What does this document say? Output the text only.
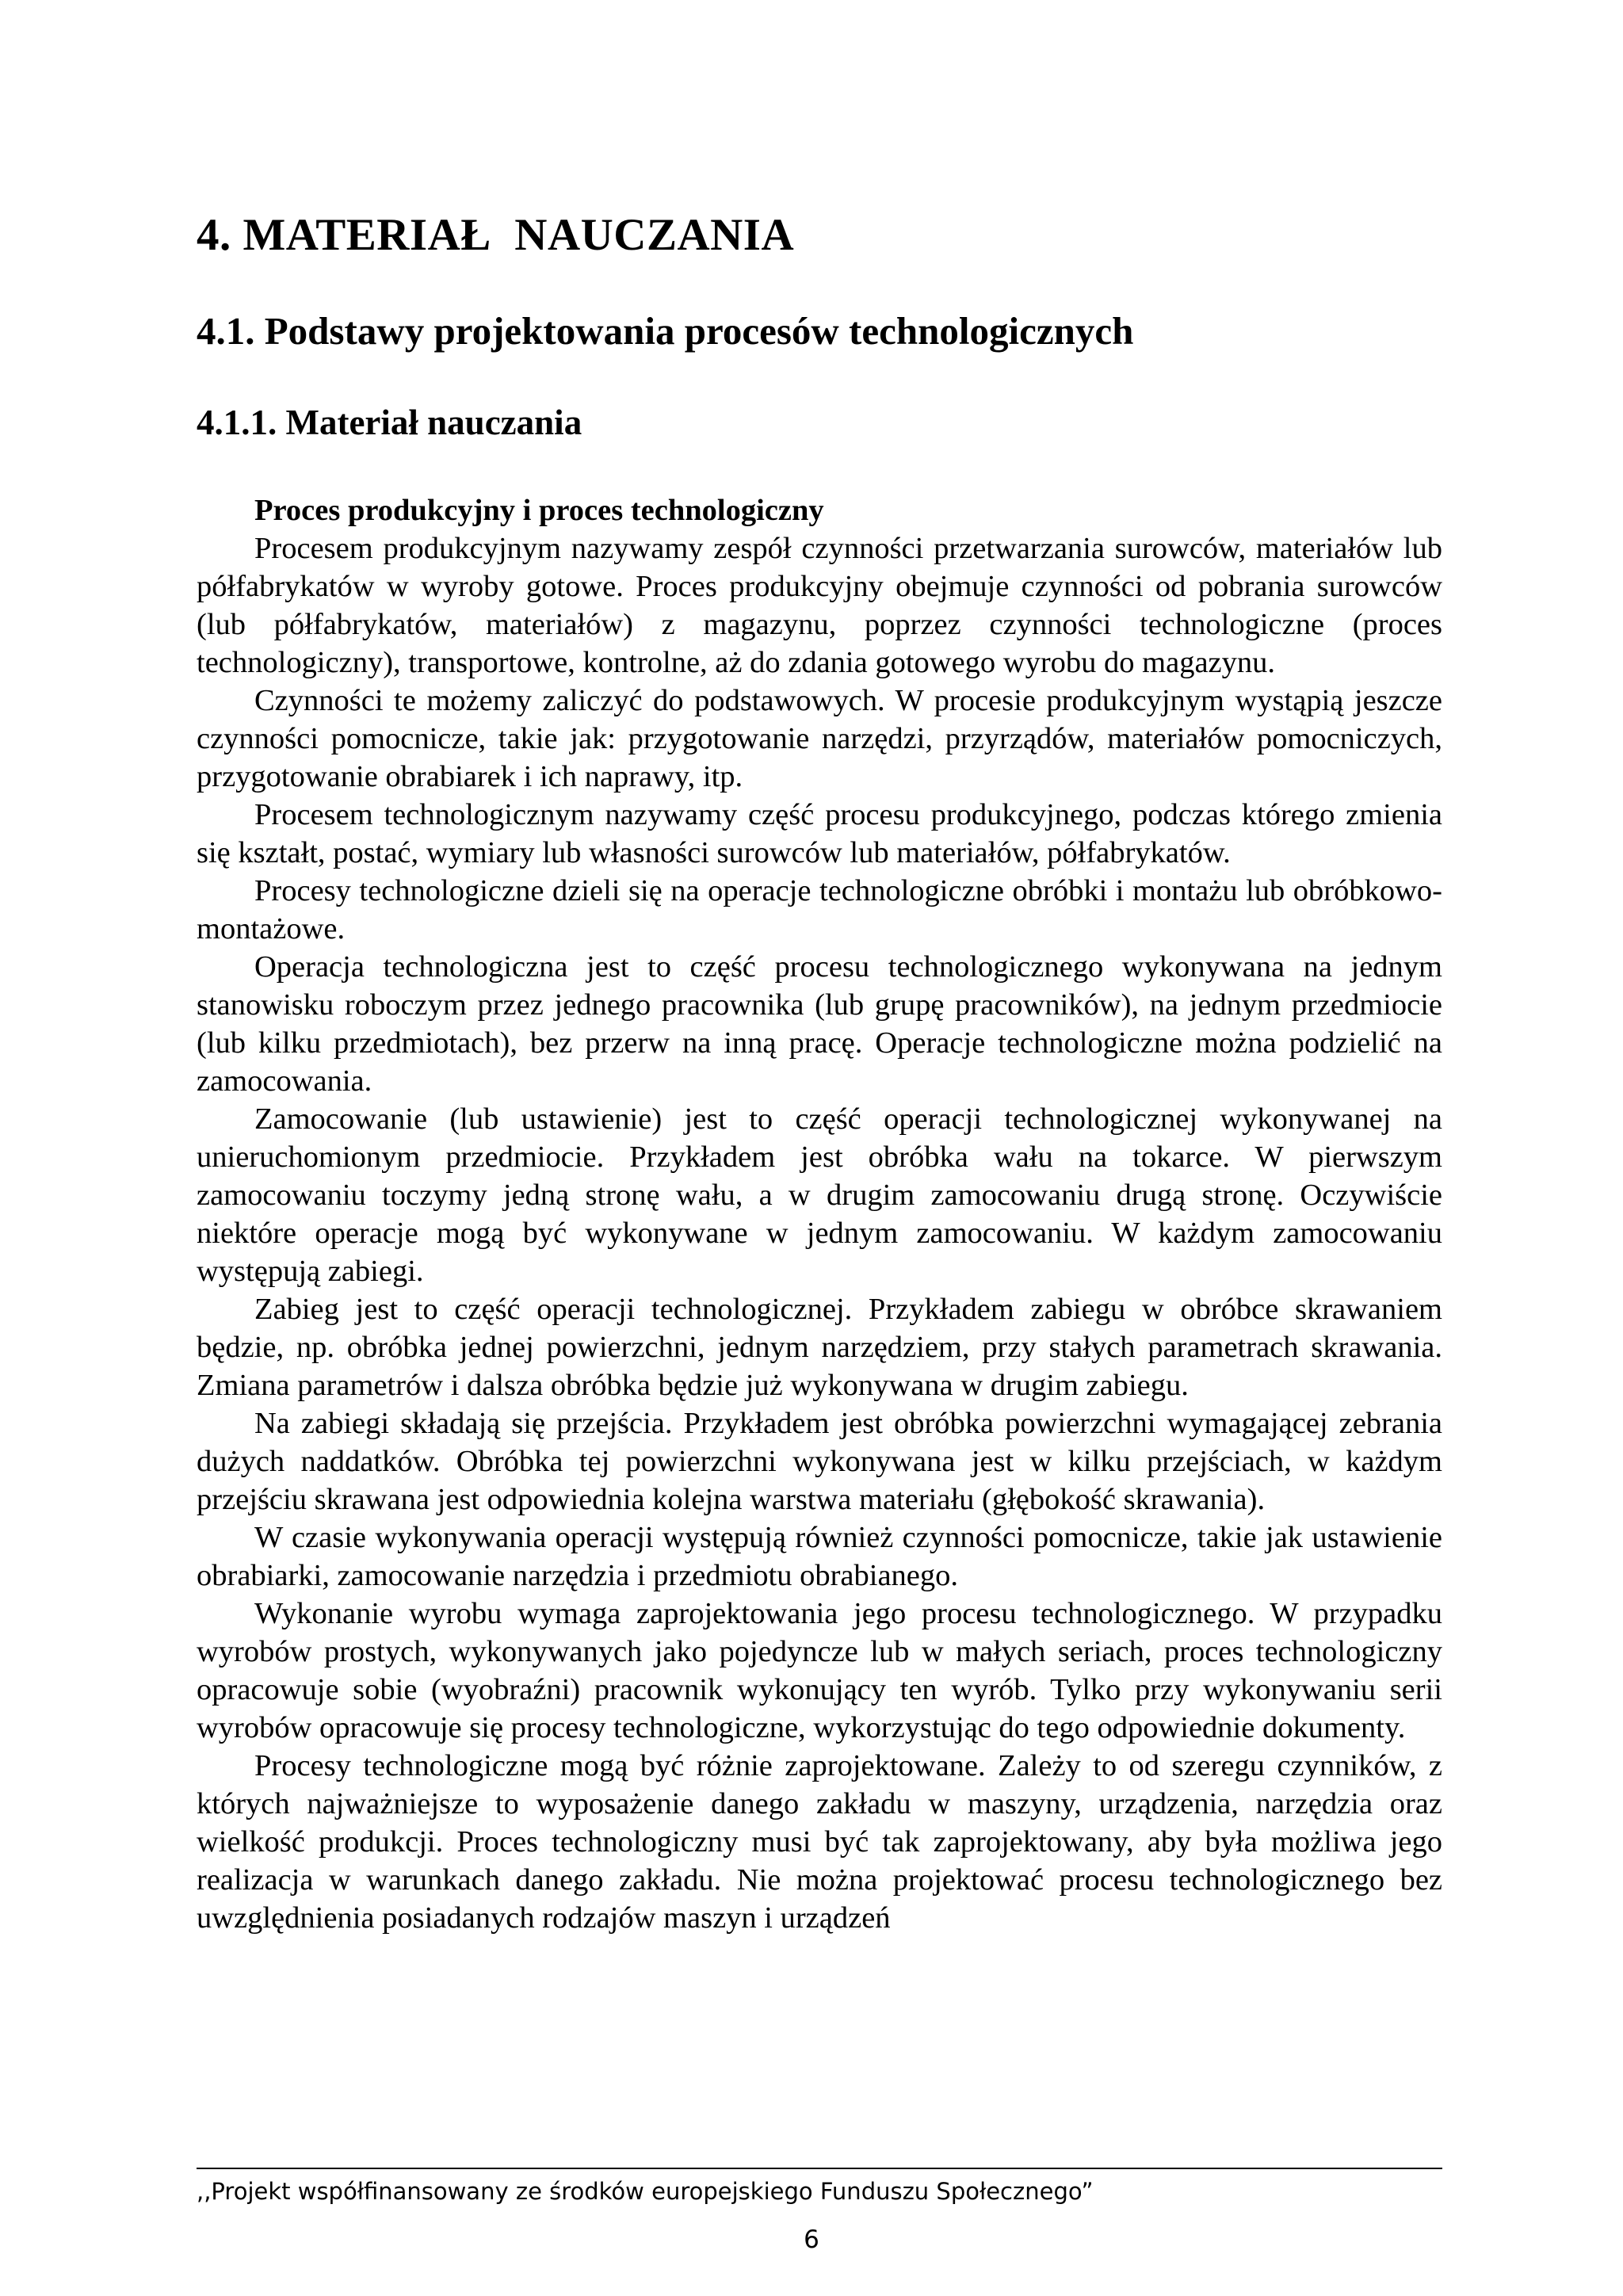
4. MATERIAŁ  NAUCZANIA
4.1. Podstawy projektowania procesów technologicznych
4.1.1. Materiał nauczania

Proces produkcyjny i proces technologiczny

Procesem produkcyjnym nazywamy zespół czynności przetwarzania surowców, materiałów lub półfabrykatów w wyroby gotowe. Proces produkcyjny obejmuje czynności od pobrania surowców (lub półfabrykatów, materiałów) z magazynu, poprzez czynności technologiczne (proces technologiczny), transportowe, kontrolne, aż do zdania gotowego wyrobu do magazynu.

Czynności te możemy zaliczyć do podstawowych. W procesie produkcyjnym wystąpią jeszcze czynności pomocnicze, takie jak: przygotowanie narzędzi, przyrządów, materiałów pomocniczych, przygotowanie obrabiarek i ich naprawy, itp.

Procesem technologicznym nazywamy część procesu produkcyjnego, podczas którego zmienia się kształt, postać, wymiary lub własności surowców lub materiałów, półfabrykatów.

Procesy technologiczne dzieli się na operacje technologiczne obróbki i montażu lub obróbkowo-montażowe.

Operacja technologiczna jest to część procesu technologicznego wykonywana na jednym stanowisku roboczym przez jednego pracownika (lub grupę pracowników), na jednym przedmiocie (lub kilku przedmiotach), bez przerw na inną pracę. Operacje technologiczne można podzielić na zamocowania.

Zamocowanie (lub ustawienie) jest to część operacji technologicznej wykonywanej na unieruchomionym przedmiocie. Przykładem jest obróbka wału na tokarce. W pierwszym zamocowaniu toczymy jedną stronę wału, a w drugim zamocowaniu drugą stronę. Oczywiście niektóre operacje mogą być wykonywane w jednym zamocowaniu. W każdym zamocowaniu występują zabiegi.

Zabieg jest to część operacji technologicznej. Przykładem zabiegu w obróbce skrawaniem będzie, np. obróbka jednej powierzchni, jednym narzędziem, przy stałych parametrach skrawania. Zmiana parametrów i dalsza obróbka będzie już wykonywana w drugim zabiegu.

Na zabiegi składają się przejścia. Przykładem jest obróbka powierzchni wymagającej zebrania dużych naddatków. Obróbka tej powierzchni wykonywana jest w kilku przejściach, w każdym przejściu skrawana jest odpowiednia kolejna warstwa materiału (głębokość skrawania).

W czasie wykonywania operacji występują również czynności pomocnicze, takie jak ustawienie obrabiarki, zamocowanie narzędzia i przedmiotu obrabianego.

Wykonanie wyrobu wymaga zaprojektowania jego procesu technologicznego. W przypadku wyrobów prostych, wykonywanych jako pojedyncze lub w małych seriach, proces technologiczny opracowuje sobie (wyobraźni) pracownik wykonujący ten wyrób. Tylko przy wykonywaniu serii wyrobów opracowuje się procesy technologiczne, wykorzystując do tego odpowiednie dokumenty.

Procesy technologiczne mogą być różnie zaprojektowane. Zależy to od szeregu czynników, z których najważniejsze to wyposażenie danego zakładu w maszyny, urządzenia, narzędzia oraz wielkość produkcji. Proces technologiczny musi być tak zaprojektowany, aby była możliwa jego realizacja w warunkach danego zakładu. Nie można projektować procesu technologicznego bez uwzględnienia posiadanych rodzajów maszyn i urządzeń

,,Projekt współfinansowany ze środków europejskiego Funduszu Społecznego”
6
